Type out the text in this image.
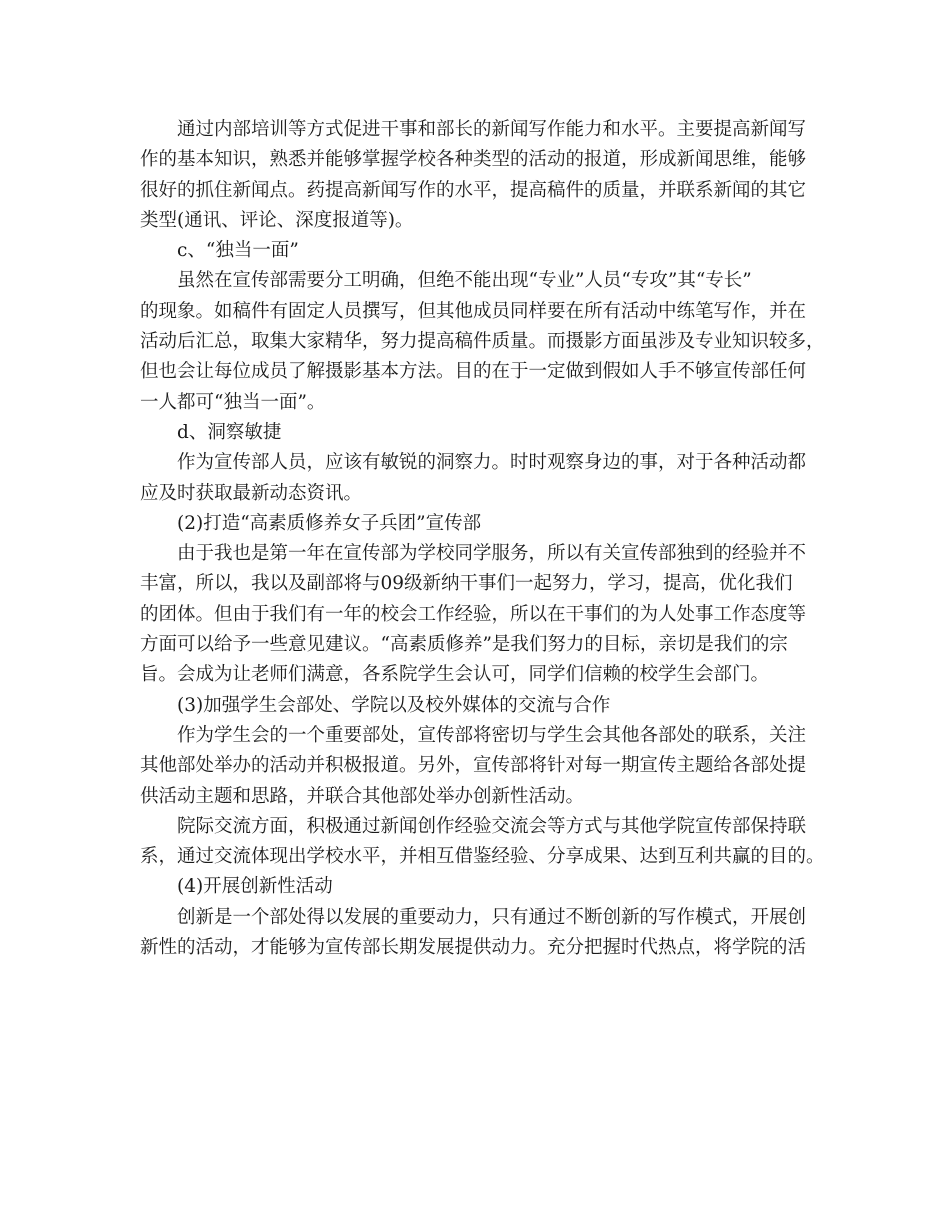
通过内部培训等方式促进干事和部长的新闻写作能力和水平。主要提高新闻写
作的基本知识，熟悉并能够掌握学校各种类型的活动的报道，形成新闻思维，能够
很好的抓住新闻点。药提高新闻写作的水平，提高稿件的质量，并联系新闻的其它
类型(通讯、评论、深度报道等)。
c、“独当一面”
虽然在宣传部需要分工明确，但绝不能出现“专业”人员“专攻”其“专长”
的现象。如稿件有固定人员撰写，但其他成员同样要在所有活动中练笔写作，并在
活动后汇总，取集大家精华，努力提高稿件质量。而摄影方面虽涉及专业知识较多，
但也会让每位成员了解摄影基本方法。目的在于一定做到假如人手不够宣传部任何
一人都可“独当一面”。
d、洞察敏捷
作为宣传部人员，应该有敏锐的洞察力。时时观察身边的事，对于各种活动都
应及时获取最新动态资讯。
(2)打造“高素质修养女子兵团”宣传部
由于我也是第一年在宣传部为学校同学服务，所以有关宣传部独到的经验并不
丰富，所以，我以及副部将与09级新纳干事们一起努力，学习，提高，优化我们
的团体。但由于我们有一年的校会工作经验，所以在干事们的为人处事工作态度等
方面可以给予一些意见建议。“高素质修养”是我们努力的目标，亲切是我们的宗
旨。会成为让老师们满意，各系院学生会认可，同学们信赖的校学生会部门。
(3)加强学生会部处、学院以及校外媒体的交流与合作
作为学生会的一个重要部处，宣传部将密切与学生会其他各部处的联系，关注
其他部处举办的活动并积极报道。另外，宣传部将针对每一期宣传主题给各部处提
供活动主题和思路，并联合其他部处举办创新性活动。
院际交流方面，积极通过新闻创作经验交流会等方式与其他学院宣传部保持联
系，通过交流体现出学校水平，并相互借鉴经验、分享成果、达到互利共赢的目的。
(4)开展创新性活动
创新是一个部处得以发展的重要动力，只有通过不断创新的写作模式，开展创
新性的活动，才能够为宣传部长期发展提供动力。充分把握时代热点，将学院的活
